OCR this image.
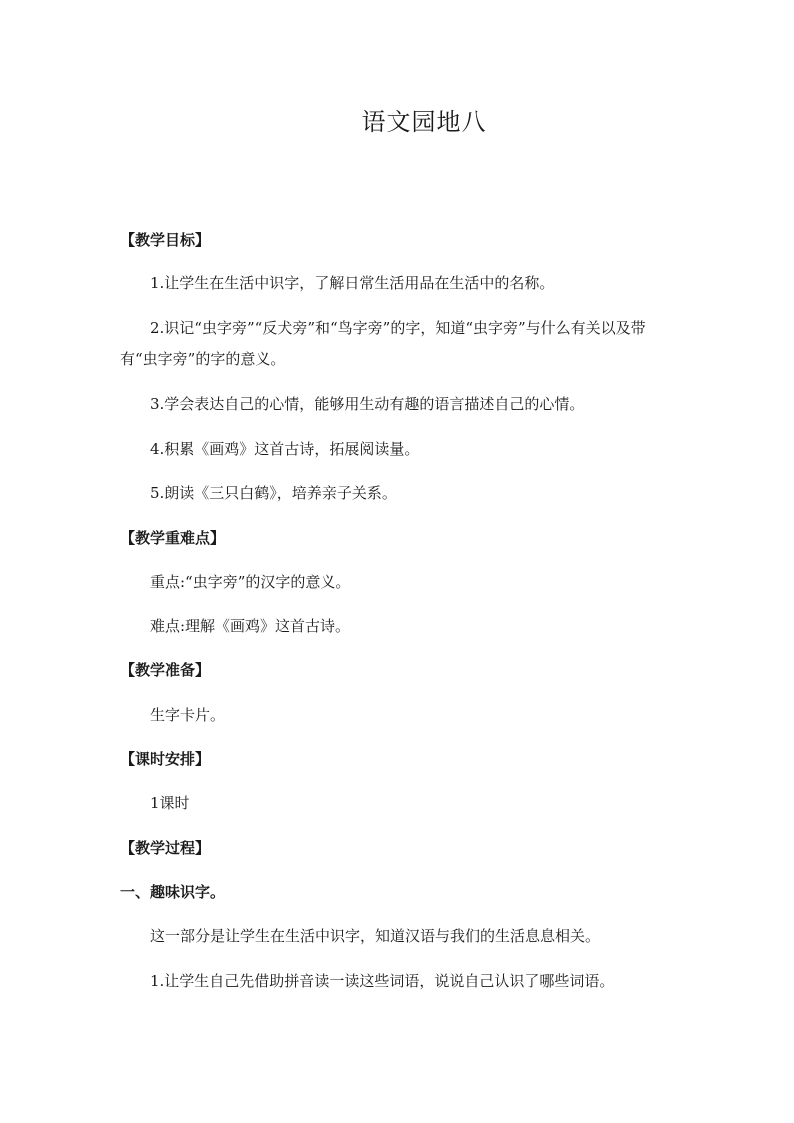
语文园地八

【教学目标】

1.让学生在生活中识字，了解日常生活用品在生活中的名称。

2.识记“虫字旁”“反犬旁”和“鸟字旁”的字，知道“虫字旁”与什么有关以及带有“虫字旁”的字的意义。

3.学会表达自己的心情，能够用生动有趣的语言描述自己的心情。

4.积累《画鸡》这首古诗，拓展阅读量。

5.朗读《三只白鹤》，培养亲子关系。

【教学重难点】

重点:“虫字旁”的汉字的意义。

难点:理解《画鸡》这首古诗。

【教学准备】

生字卡片。

【课时安排】

1课时

【教学过程】

一、趣味识字。

这一部分是让学生在生活中识字，知道汉语与我们的生活息息相关。

1.让学生自己先借助拼音读一读这些词语，说说自己认识了哪些词语。
